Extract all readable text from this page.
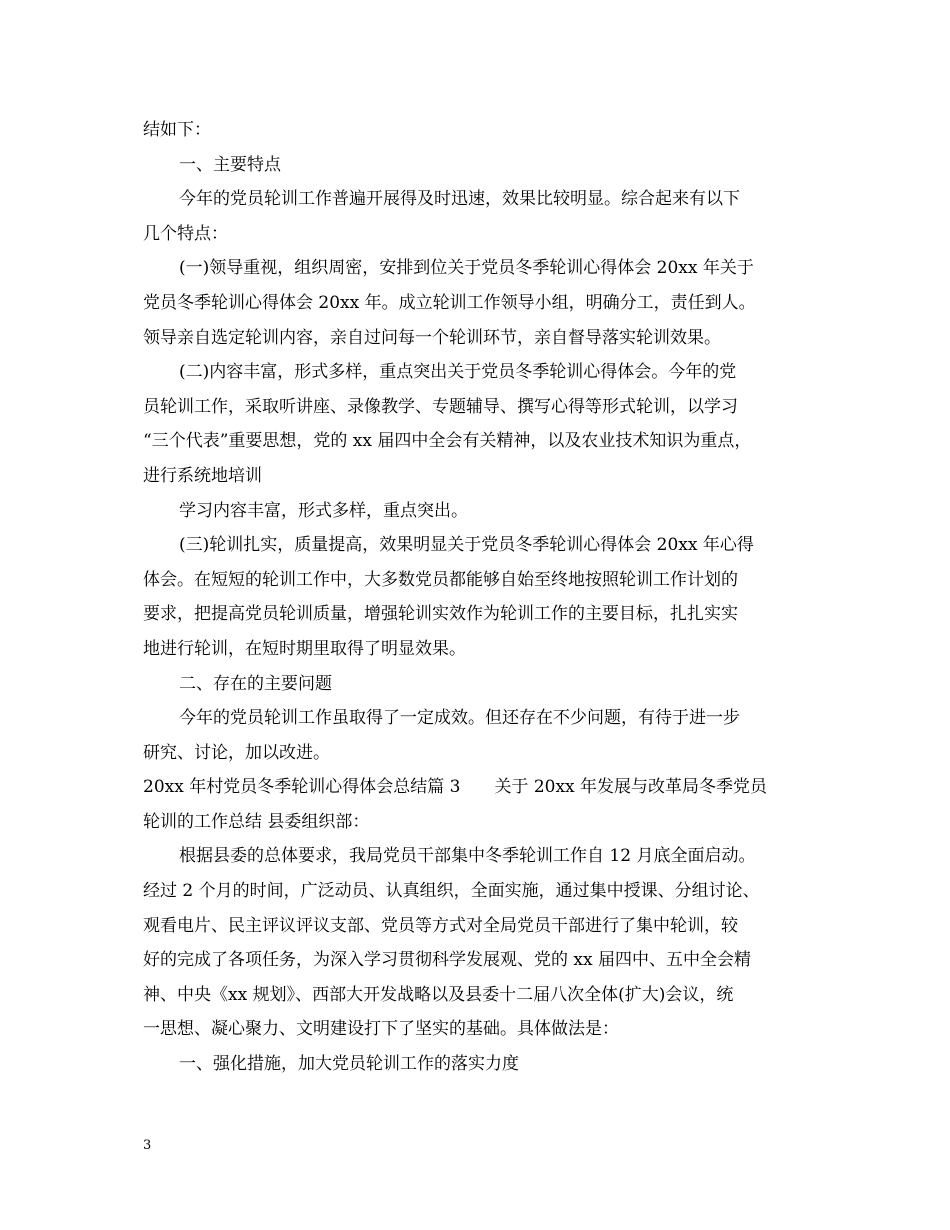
结如下：
一、主要特点
今年的党员轮训工作普遍开展得及时迅速，效果比较明显。综合起来有以下
几个特点：
(一)领导重视，组织周密，安排到位关于党员冬季轮训心得体会 20xx 年关于
党员冬季轮训心得体会 20xx 年。成立轮训工作领导小组，明确分工，责任到人。
领导亲自选定轮训内容，亲自过问每一个轮训环节，亲自督导落实轮训效果。
(二)内容丰富，形式多样，重点突出关于党员冬季轮训心得体会。今年的党
员轮训工作，采取听讲座、录像教学、专题辅导、撰写心得等形式轮训，以学习
“三个代表”重要思想，党的 xx 届四中全会有关精神，以及农业技术知识为重点，
进行系统地培训
学习内容丰富，形式多样，重点突出。
(三)轮训扎实，质量提高，效果明显关于党员冬季轮训心得体会 20xx 年心得
体会。在短短的轮训工作中，大多数党员都能够自始至终地按照轮训工作计划的
要求，把提高党员轮训质量，增强轮训实效作为轮训工作的主要目标，扎扎实实
地进行轮训，在短时期里取得了明显效果。
二、存在的主要问题
今年的党员轮训工作虽取得了一定成效。但还存在不少问题，有待于进一步
研究、讨论，加以改进。
20xx 年村党员冬季轮训心得体会总结篇 3 关于 20xx 年发展与改革局冬季党员
轮训的工作总结 县委组织部：
根据县委的总体要求，我局党员干部集中冬季轮训工作自 12 月底全面启动。
经过 2 个月的时间，广泛动员、认真组织，全面实施，通过集中授课、分组讨论、
观看电片、民主评议评议支部、党员等方式对全局党员干部进行了集中轮训，较
好的完成了各项任务，为深入学习贯彻科学发展观、党的 xx 届四中、五中全会精
神、中央《xx 规划》、西部大开发战略以及县委十二届八次全体(扩大)会议，统
一思想、凝心聚力、文明建设打下了坚实的基础。具体做法是：
一、强化措施，加大党员轮训工作的落实力度
3
